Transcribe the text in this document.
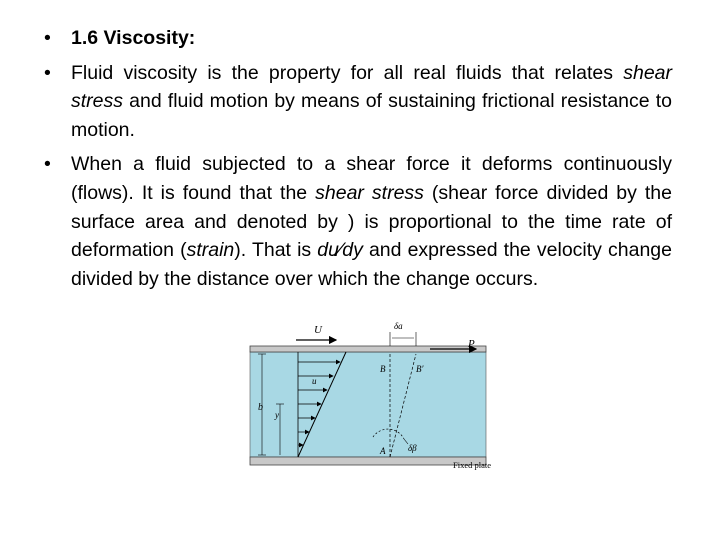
• 1.6 Viscosity:
• Fluid viscosity is the property for all real fluids that relates shear stress and fluid motion by means of sustaining frictional resistance to motion.
• When a fluid subjected to a shear force it deforms continuously (flows). It is found that the shear stress (shear force divided by the surface area and denoted by ) is proportional to the time rate of deformation (strain). That is du⁄dy and expressed the velocity change divided by the distance over which the change occurs.
U	δa
P
u
b
y
B	B′
A	δβ
Fixed plate
